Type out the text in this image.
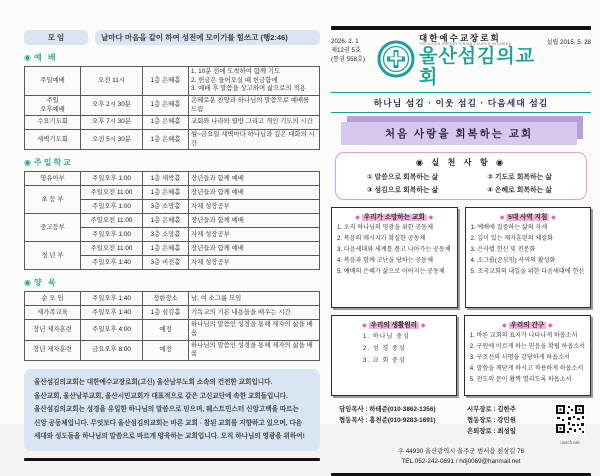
모 임	날마다 마음을 같이 하여 성전에 모이기를 힘쓰고 (행2:46)
◉ 예 배
주일예배	오전 11시	1층 은혜홀	1. 10분 전에 도착하여 함께 기도
2. 헌금은 들어오실 때 헌금함에
3. 예배 후 말씀을 상고하며 삶으로의 적용

주일
오후예배	오후 2시 30분	1층 은혜홀	은혜로운 찬양과 하나님의 말씀으로 예배를 드림
수요기도회	오후 7시 30분	1층 은혜홀	교회와 나라와 열방 그리고 개인 기도의 시간
새벽기도회	오전 5시 30분	1층 은혜홀	월~금요일 새벽마다 하나님과 깊은 대화의 시간
◉ 주일학교
영유아부	주일오후 1:00	1층 새싹홀	장년들과 함께 예배
초 등 부	주일오전 11:00	1층 은혜홀	장년들과 함께 예배
	주일오후 1:00	3층 소망홀	자체 성장공부
중고등부	주일오전 11:00	1층 은혜홀	장년들과 함께 예배
	주일오후 1:00	3층 소망홀	자체 성장공부
청 년 부	주일오전 11:00	1층 은혜홀	장년들과 함께 예배
	주일오후 1:40	3층 비전홀	자체 성장공부
◉ 양 육
순 모 임	주일오후 1:40	정한장소	남, 여 소그룹 모임
새가족교육	주일오후 1:40	1층 섬김홀	기독교의 기본 내용들을 배우는 시간
장년 제자훈련	주일오후 4:00	예정	하나님의 말씀인 성경을 통해 제자의 삶을 배움
장년 제자훈련	금요오후 8:00	예정	하나님의 말씀인 성경을 통해 제자의 삶을 배움
울산섬김의교회는 대한예수교장로회(고신) 울산남부노회 소속의 건전한 교회입니다.
울산교회, 울산남부교회, 울산시민교회가 대표적으로 같은 고신교단에 속한 교회들입니다.
울산섬김의교회는 성경을 유일한 하나님의 말씀으로 믿으며, 웨스트민스터 신앙고백을 따르는
신앙 공동체입니다. 무엇보다 울산섬김의교회는 바른 교회 · 참된 교회를 지향하고 있으며, 다음
세대와 성도들을 하나님의 말씀으로 바르게 양육하는 교회입니다. 오직 하나님의 영광을 위하여!
2026. 2. 1
제12권 5호
(통권 558호)
대한예수교장로회
THE KOSIN PRESBYTERIAN CHURCH IN KOREA
울산섬김의교회
설립 2015. 5. 28
하나님 섬김 · 이웃 섬김 · 다음세대 섬김
처음 사랑을 회복하는 교회
◉ 실 천 사 항 ◉
① 말씀으로 회복하는 삶	② 기도로 회복하는 삶
③ 섬김으로 회복하는 삶	④ 은혜로 회복하는 삶
◆ 우리가 소망하는 교회 ◆
1. 오직 하나님의 영광을 위한 공동체
2. 복음의 메시지가 확실한 공동체
3. 다음세대와 세계를 품고 나아가는 공동체
4. 복음과 함께 고난을 당하는 공동체
5. 예배의 은혜가 삶으로 이어지는 공동체
◆ 5대 사역 지침 ◆
1. 예배에 집중하는 삶의 자세
2. 깊이 있는 제자훈련의 체질화
3. 은사별 헌신 및 전문화
4. 소그룹(순모임) 사역의 활성화
5. 조국교회의 내일을 위한 다음세대에 헌신
◆ 우리의 생활원리 ◆
1. 하나님 중심
2. 성 경 중심
3. 교 회 중심
◆ 우리의 간구 ◆
1. 바른 교회의 표지가 나타나게 하옵소서
2. 구원에 이르게 하는 믿음을 확립 하옵소서
3. 구조선의 사명을 감당하게 하옵소서
4. 말씀을 깨닫게 하시고 적용하게 하옵소서
5. 전도의 문이 활짝 열리도록 하옵소서
담임목사 : 하태준(010-3862-1356)
협동목사 : 홍천준(010-9283-1691)
시무장로 : 김한주
협동장로 : 강민원
은퇴장로 : 최성일
ussch.net
우 44930 울산광역시 울주군 범서읍 천상길 76
TEL.052-242-0691 / hdj0069@hanmail.net
